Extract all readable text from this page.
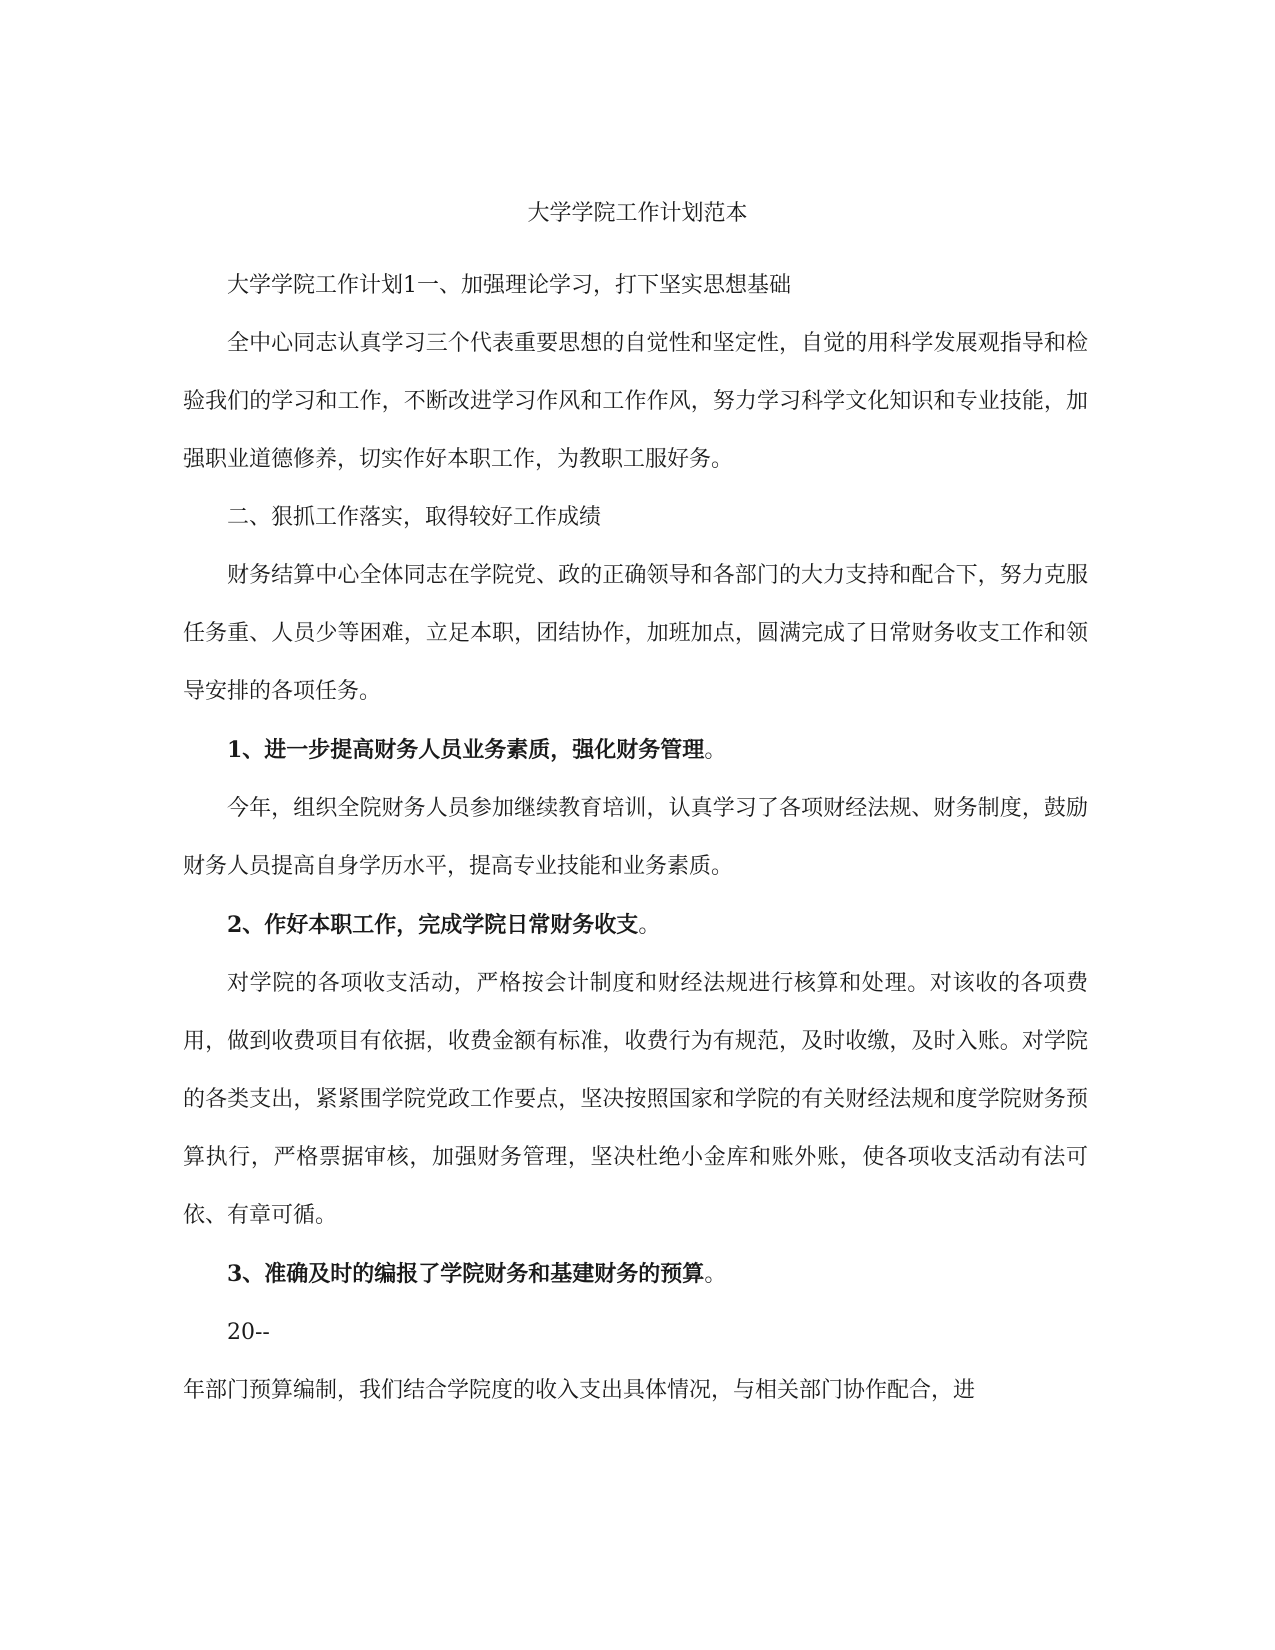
大学学院工作计划范本

大学学院工作计划1一、加强理论学习，打下坚实思想基础

全中心同志认真学习三个代表重要思想的自觉性和坚定性，自觉的用科学发展观指导和检验我们的学习和工作，不断改进学习作风和工作作风，努力学习科学文化知识和专业技能，加强职业道德修养，切实作好本职工作，为教职工服好务。

二、狠抓工作落实，取得较好工作成绩

财务结算中心全体同志在学院党、政的正确领导和各部门的大力支持和配合下，努力克服任务重、人员少等困难，立足本职，团结协作，加班加点，圆满完成了日常财务收支工作和领导安排的各项任务。

1、进一步提高财务人员业务素质，强化财务管理。

今年，组织全院财务人员参加继续教育培训，认真学习了各项财经法规、财务制度，鼓励财务人员提高自身学历水平，提高专业技能和业务素质。

2、作好本职工作，完成学院日常财务收支。

对学院的各项收支活动，严格按会计制度和财经法规进行核算和处理。对该收的各项费用，做到收费项目有依据，收费金额有标准，收费行为有规范，及时收缴，及时入账。对学院的各类支出，紧紧围学院党政工作要点，坚决按照国家和学院的有关财经法规和度学院财务预算执行，严格票据审核，加强财务管理，坚决杜绝小金库和账外账，使各项收支活动有法可依、有章可循。

3、准确及时的编报了学院财务和基建财务的预算。

20--

年部门预算编制，我们结合学院度的收入支出具体情况，与相关部门协作配合，进
